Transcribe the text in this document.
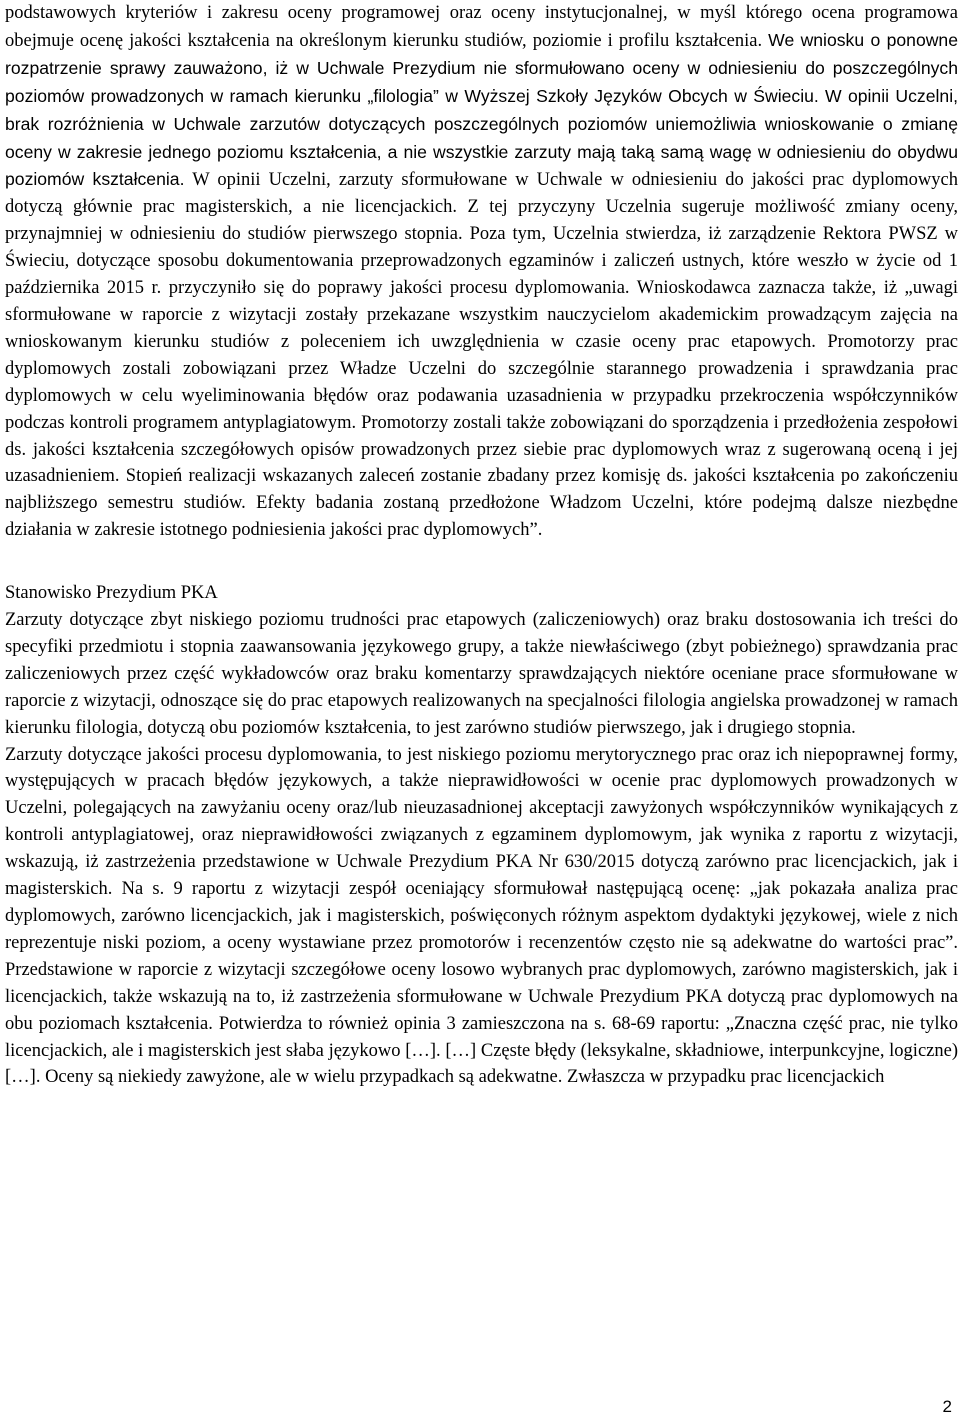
podstawowych kryteriów i zakresu oceny programowej oraz oceny instytucjonalnej, w myśl którego ocena programowa obejmuje ocenę jakości kształcenia na określonym kierunku studiów, poziomie i profilu kształcenia. We wniosku o ponowne rozpatrzenie sprawy zauważono, iż w Uchwale Prezydium nie sformułowano oceny w odniesieniu do poszczególnych poziomów prowadzonych w ramach kierunku „filologia” w Wyższej Szkoły Języków Obcych w Świeciu. W opinii Uczelni, brak rozróżnienia w Uchwale zarzutów dotyczących poszczególnych poziomów uniemożliwia wnioskowanie o zmianę oceny w zakresie jednego poziomu kształcenia, a nie wszystkie zarzuty mają taką samą wagę w odniesieniu do obydwu poziomów kształcenia. W opinii Uczelni, zarzuty sformułowane w Uchwale w odniesieniu do jakości prac dyplomowych dotyczą głównie prac magisterskich, a nie licencjackich. Z tej przyczyny Uczelnia sugeruje możliwość zmiany oceny, przynajmniej w odniesieniu do studiów pierwszego stopnia. Poza tym, Uczelnia stwierdza, iż zarządzenie Rektora PWSZ w Świeciu, dotyczące sposobu dokumentowania przeprowadzonych egzaminów i zaliczeń ustnych, które weszło w życie od 1 października 2015 r. przyczyniło się do poprawy jakości procesu dyplomowania. Wnioskodawca zaznacza także, iż „uwagi sformułowane w raporcie z wizytacji zostały przekazane wszystkim nauczycielom akademickim prowadzącym zajęcia na wnioskowanym kierunku studiów z poleceniem ich uwzględnienia w czasie oceny prac etapowych. Promotorzy prac dyplomowych zostali zobowiązani przez Władze Uczelni do szczególnie starannego prowadzenia i sprawdzania prac dyplomowych w celu wyeliminowania błędów oraz podawania uzasadnienia w przypadku przekroczenia współczynników podczas kontroli programem antyplagiatowym. Promotorzy zostali także zobowiązani do sporządzenia i przedłożenia zespołowi ds. jakości kształcenia szczegółowych opisów prowadzonych przez siebie prac dyplomowych wraz z sugerowaną oceną i jej uzasadnieniem. Stopień realizacji wskazanych zaleceń zostanie zbadany przez komisję ds. jakości kształcenia po zakończeniu najbliższego semestru studiów. Efekty badania zostaną przedłożone Władzom Uczelni, które podejmą dalsze niezbędne działania w zakresie istotnego podniesienia jakości prac dyplomowych”.

Stanowisko Prezydium PKA

Zarzuty dotyczące zbyt niskiego poziomu trudności prac etapowych (zaliczeniowych) oraz braku dostosowania ich treści do specyfiki przedmiotu i stopnia zaawansowania językowego grupy, a także niewłaściwego (zbyt pobieżnego) sprawdzania prac zaliczeniowych przez część wykładowców oraz braku komentarzy sprawdzających niektóre oceniane prace sformułowane w raporcie z wizytacji, odnoszące się do prac etapowych realizowanych na specjalności filologia angielska prowadzonej w ramach kierunku filologia, dotyczą obu poziomów kształcenia, to jest zarówno studiów pierwszego, jak i drugiego stopnia.

Zarzuty dotyczące jakości procesu dyplomowania, to jest niskiego poziomu merytorycznego prac oraz ich niepoprawnej formy, występujących w pracach błędów językowych, a także nieprawidłowości w ocenie prac dyplomowych prowadzonych w Uczelni, polegających na zawyżaniu oceny oraz/lub nieuzasadnionej akceptacji zawyżonych współczynników wynikających z kontroli antyplagiatowej, oraz nieprawidłowości związanych z egzaminem dyplomowym, jak wynika z raportu z wizytacji, wskazują, iż zastrzeżenia przedstawione w Uchwale Prezydium PKA Nr 630/2015 dotyczą zarówno prac licencjackich, jak i magisterskich. Na s. 9 raportu z wizytacji zespół oceniający sformułował następującą ocenę: „jak pokazała analiza prac dyplomowych, zarówno licencjackich, jak i magisterskich, poświęconych różnym aspektom dydaktyki językowej, wiele z nich reprezentuje niski poziom, a oceny wystawiane przez promotorów i recenzentów często nie są adekwatne do wartości prac”. Przedstawione w raporcie z wizytacji szczegółowe oceny losowo wybranych prac dyplomowych, zarówno magisterskich, jak i licencjackich, także wskazują na to, iż zastrzeżenia sformułowane w Uchwale Prezydium PKA dotyczą prac dyplomowych na obu poziomach kształcenia. Potwierdza to również opinia 3 zamieszczona na s. 68-69 raportu: „Znaczna część prac, nie tylko licencjackich, ale i magisterskich jest słaba językowo […]. […] Częste błędy (leksykalne, składniowe, interpunkcyjne, logiczne) […]. Oceny są niekiedy zawyżone, ale w wielu przypadkach są adekwatne. Zwłaszcza w przypadku prac licencjackich

2
